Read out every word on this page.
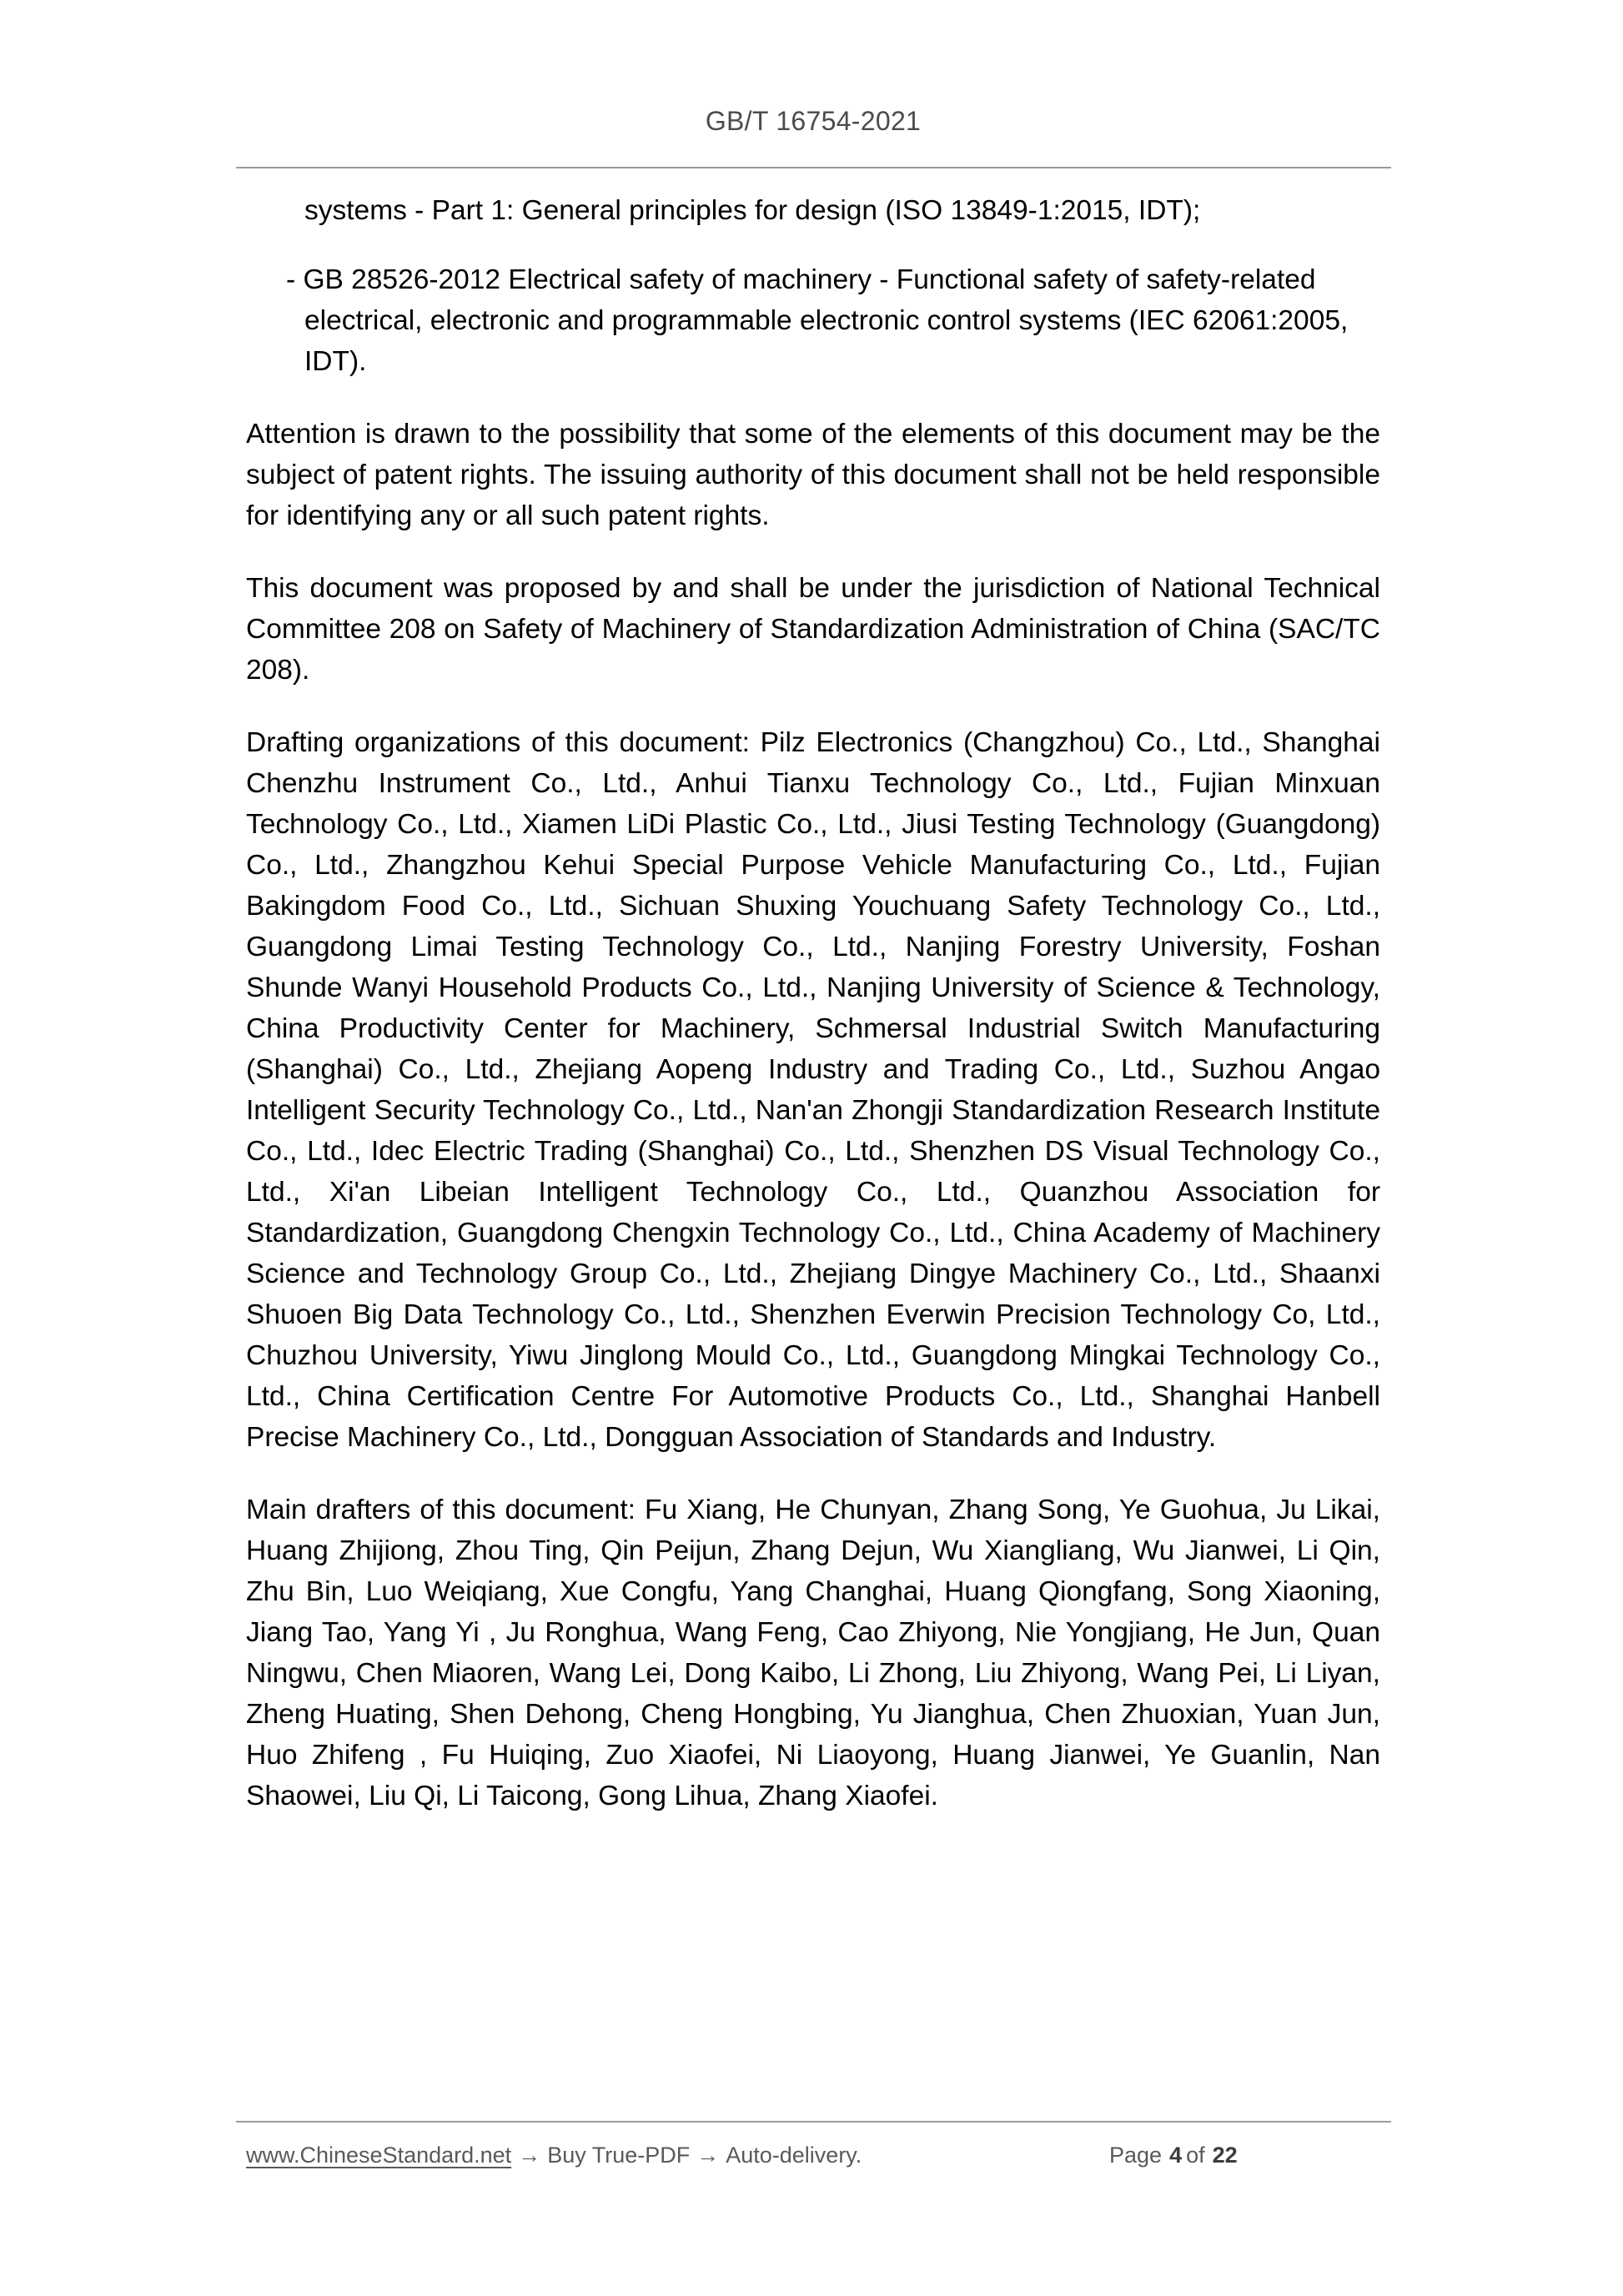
GB/T 16754-2021

systems - Part 1: General principles for design (ISO 13849-1:2015, IDT);

- GB 28526-2012 Electrical safety of machinery - Functional safety of safety-related electrical, electronic and programmable electronic control systems (IEC 62061:2005, IDT).

Attention is drawn to the possibility that some of the elements of this document may be the subject of patent rights. The issuing authority of this document shall not be held responsible for identifying any or all such patent rights.

This document was proposed by and shall be under the jurisdiction of National Technical Committee 208 on Safety of Machinery of Standardization Administration of China (SAC/TC 208).

Drafting organizations of this document: Pilz Electronics (Changzhou) Co., Ltd., Shanghai Chenzhu Instrument Co., Ltd., Anhui Tianxu Technology Co., Ltd., Fujian Minxuan Technology Co., Ltd., Xiamen LiDi Plastic Co., Ltd., Jiusi Testing Technology (Guangdong) Co., Ltd., Zhangzhou Kehui Special Purpose Vehicle Manufacturing Co., Ltd., Fujian Bakingdom Food Co., Ltd., Sichuan Shuxing Youchuang Safety Technology Co., Ltd., Guangdong Limai Testing Technology Co., Ltd., Nanjing Forestry University, Foshan Shunde Wanyi Household Products Co., Ltd., Nanjing University of Science & Technology, China Productivity Center for Machinery, Schmersal Industrial Switch Manufacturing (Shanghai) Co., Ltd., Zhejiang Aopeng Industry and Trading Co., Ltd., Suzhou Angao Intelligent Security Technology Co., Ltd., Nan'an Zhongji Standardization Research Institute Co., Ltd., Idec Electric Trading (Shanghai) Co., Ltd., Shenzhen DS Visual Technology Co., Ltd., Xi'an Libeian Intelligent Technology Co., Ltd., Quanzhou Association for Standardization, Guangdong Chengxin Technology Co., Ltd., China Academy of Machinery Science and Technology Group Co., Ltd., Zhejiang Dingye Machinery Co., Ltd., Shaanxi Shuoen Big Data Technology Co., Ltd., Shenzhen Everwin Precision Technology Co, Ltd., Chuzhou University, Yiwu Jinglong Mould Co., Ltd., Guangdong Mingkai Technology Co., Ltd., China Certification Centre For Automotive Products Co., Ltd., Shanghai Hanbell Precise Machinery Co., Ltd., Dongguan Association of Standards and Industry.

Main drafters of this document: Fu Xiang, He Chunyan, Zhang Song, Ye Guohua, Ju Likai, Huang Zhijiong, Zhou Ting, Qin Peijun, Zhang Dejun, Wu Xiangliang, Wu Jianwei, Li Qin, Zhu Bin, Luo Weiqiang, Xue Congfu, Yang Changhai, Huang Qiongfang, Song Xiaoning, Jiang Tao, Yang Yi , Ju Ronghua, Wang Feng, Cao Zhiyong, Nie Yongjiang, He Jun, Quan Ningwu, Chen Miaoren, Wang Lei, Dong Kaibo, Li Zhong, Liu Zhiyong, Wang Pei, Li Liyan, Zheng Huating, Shen Dehong, Cheng Hongbing, Yu Jianghua, Chen Zhuoxian, Yuan Jun, Huo Zhifeng , Fu Huiqing, Zuo Xiaofei, Ni Liaoyong, Huang Jianwei, Ye Guanlin, Nan Shaowei, Liu Qi, Li Taicong, Gong Lihua, Zhang Xiaofei.

www.ChineseStandard.net → Buy True-PDF → Auto-delivery.	Page 4 of 22
